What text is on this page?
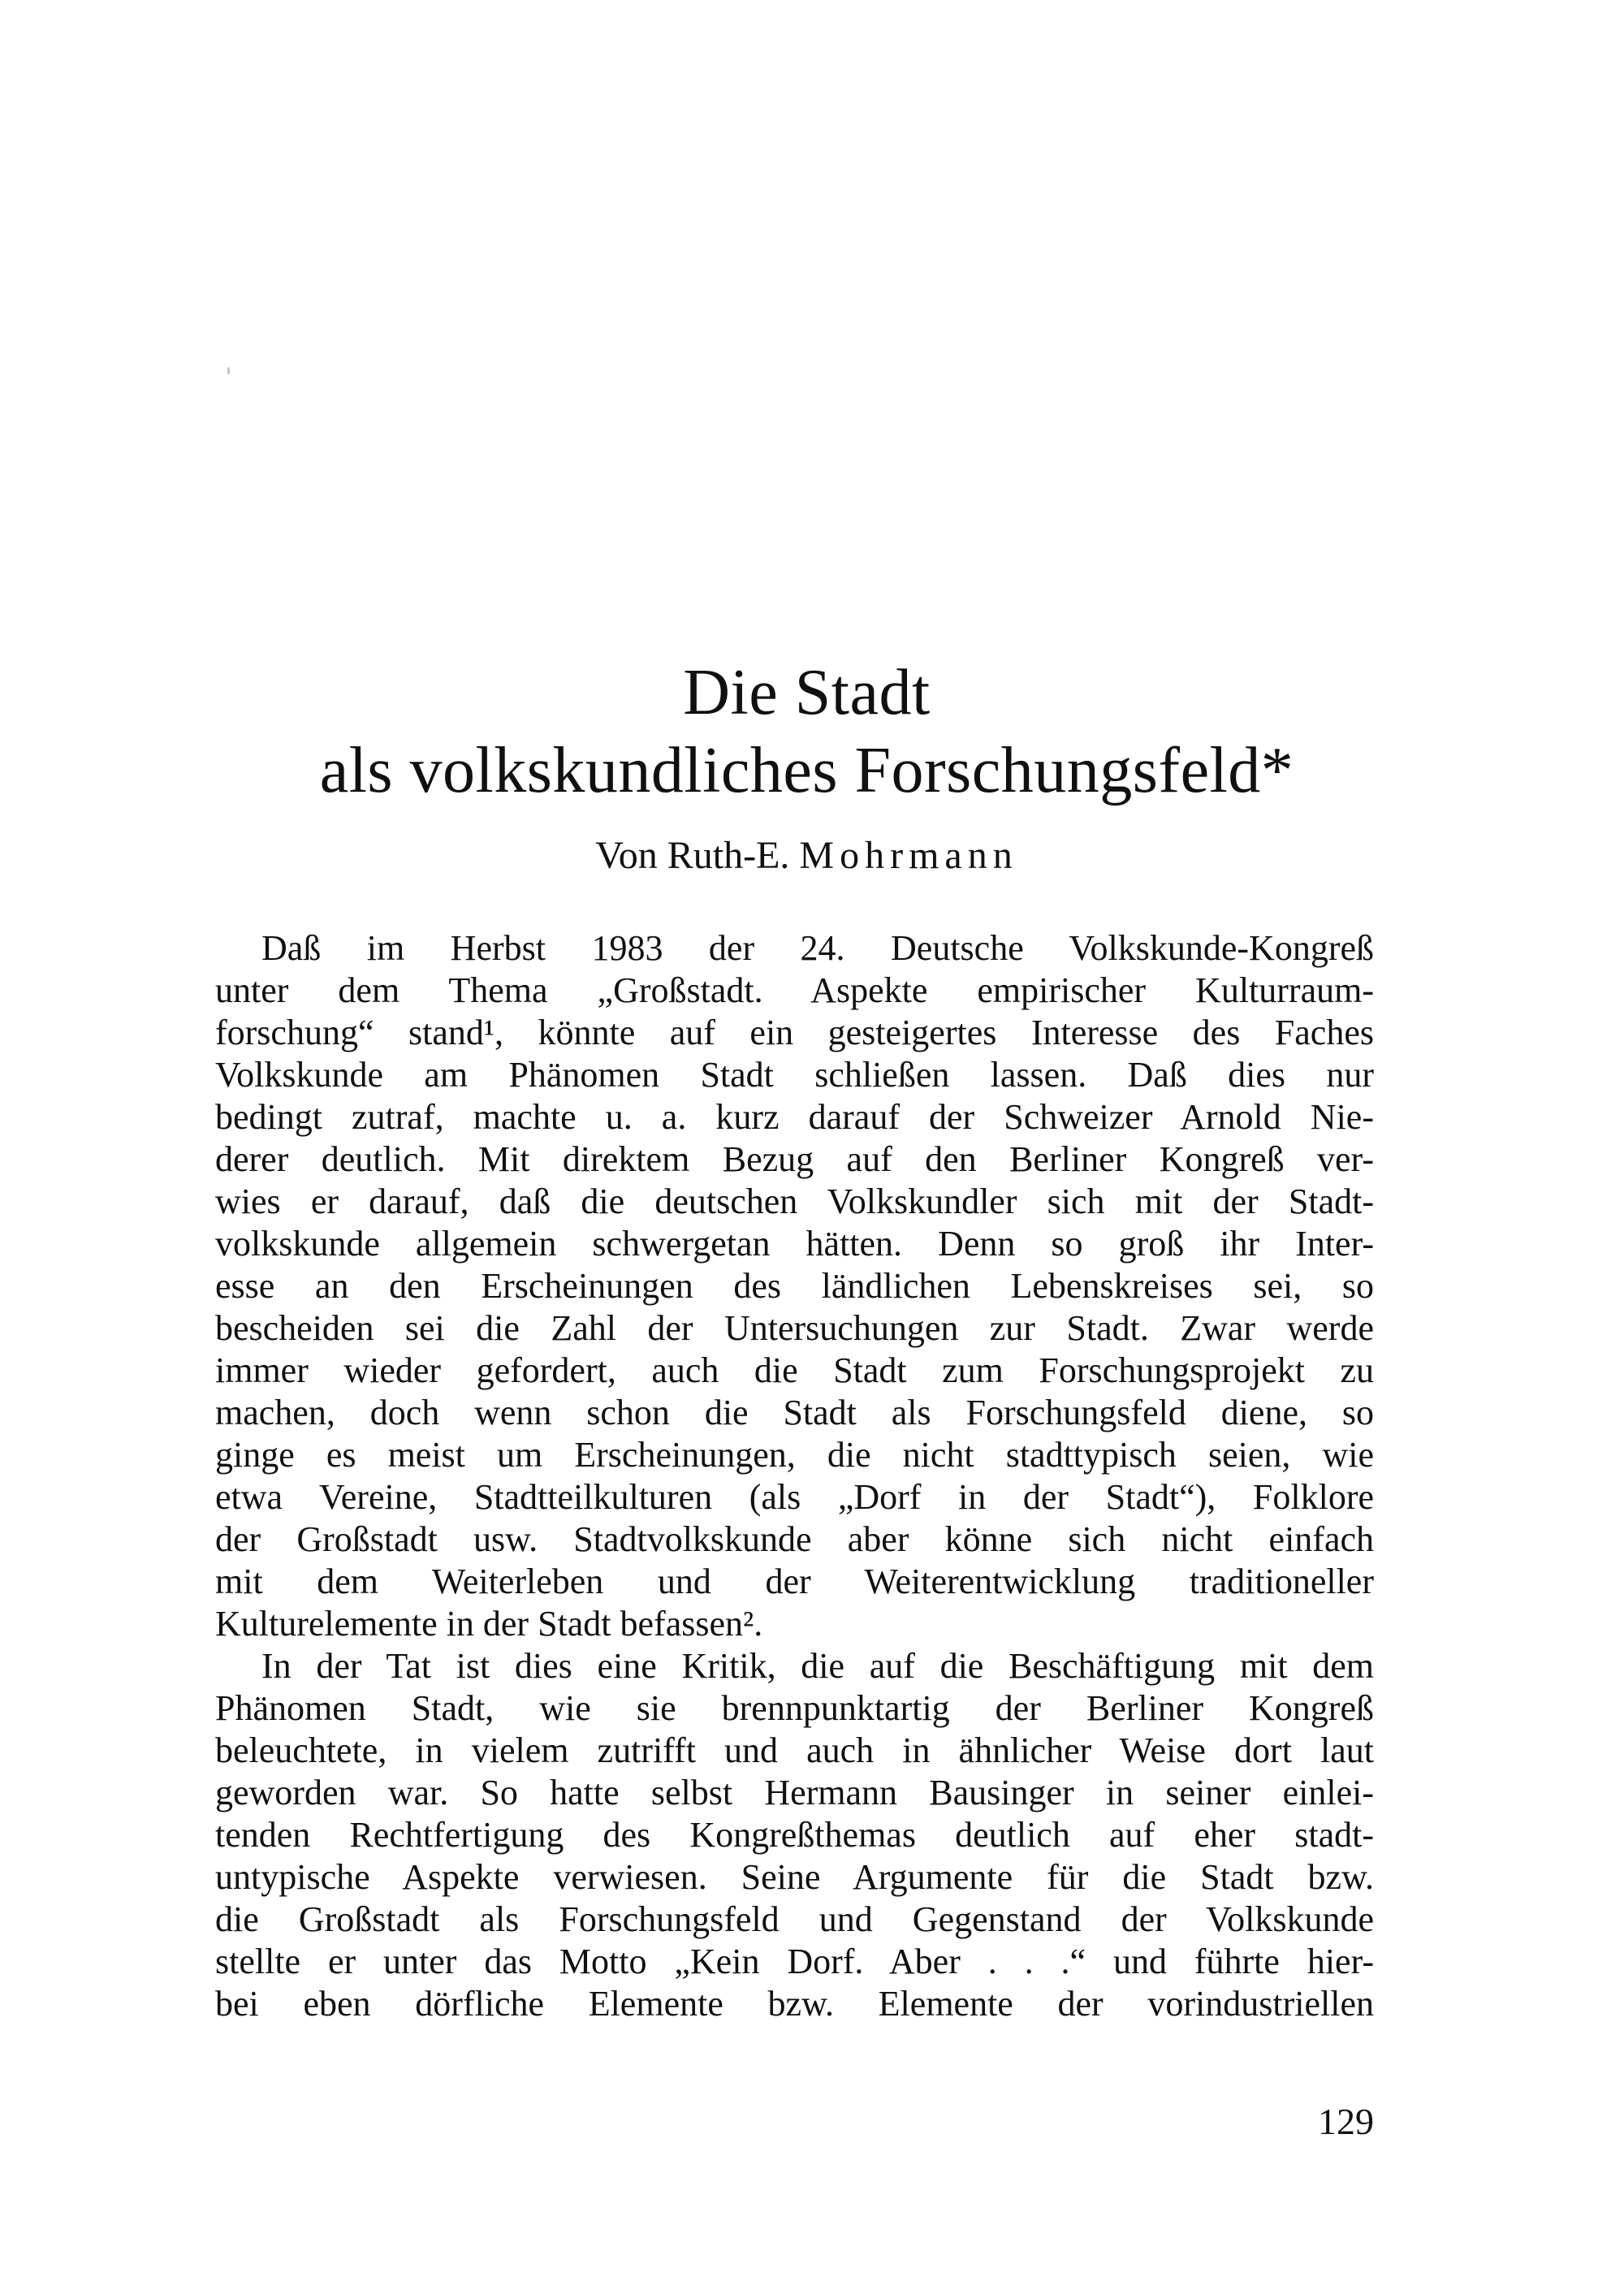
Die Stadt
als volkskundliches Forschungsfeld*
Von Ruth-E. Mohrmann
Daß im Herbst 1983 der 24. Deutsche Volkskunde-Kongreß
unter dem Thema „Großstadt. Aspekte empirischer Kulturraum-
forschung“ stand¹, könnte auf ein gesteigertes Interesse des Faches
Volkskunde am Phänomen Stadt schließen lassen. Daß dies nur
bedingt zutraf, machte u. a. kurz darauf der Schweizer Arnold Nie-
derer deutlich. Mit direktem Bezug auf den Berliner Kongreß ver-
wies er darauf, daß die deutschen Volkskundler sich mit der Stadt-
volkskunde allgemein schwergetan hätten. Denn so groß ihr Inter-
esse an den Erscheinungen des ländlichen Lebenskreises sei, so
bescheiden sei die Zahl der Untersuchungen zur Stadt. Zwar werde
immer wieder gefordert, auch die Stadt zum Forschungsprojekt zu
machen, doch wenn schon die Stadt als Forschungsfeld diene, so
ginge es meist um Erscheinungen, die nicht stadttypisch seien, wie
etwa Vereine, Stadtteilkulturen (als „Dorf in der Stadt“), Folklore
der Großstadt usw. Stadtvolkskunde aber könne sich nicht einfach
mit dem Weiterleben und der Weiterentwicklung traditioneller
Kulturelemente in der Stadt befassen².
In der Tat ist dies eine Kritik, die auf die Beschäftigung mit dem
Phänomen Stadt, wie sie brennpunktartig der Berliner Kongreß
beleuchtete, in vielem zutrifft und auch in ähnlicher Weise dort laut
geworden war. So hatte selbst Hermann Bausinger in seiner einlei-
tenden Rechtfertigung des Kongreßthemas deutlich auf eher stadt-
untypische Aspekte verwiesen. Seine Argumente für die Stadt bzw.
die Großstadt als Forschungsfeld und Gegenstand der Volkskunde
stellte er unter das Motto „Kein Dorf. Aber . . .“ und führte hier-
bei eben dörfliche Elemente bzw. Elemente der vorindustriellen
129
